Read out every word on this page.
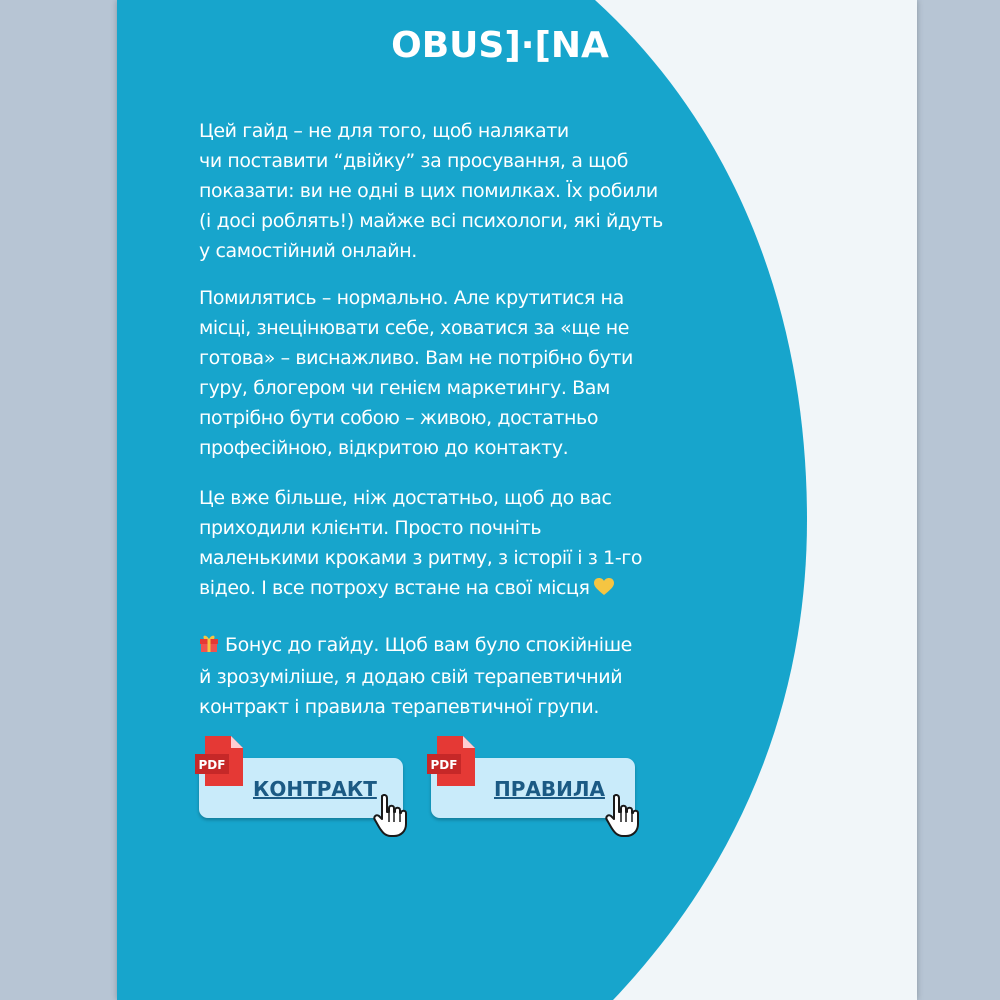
OBUS]·[NA

Цей гайд – не для того, щоб налякати
чи поставити “двійку” за просування, а щоб
показати: ви не одні в цих помилках. Їх робили
(і досі роблять!) майже всі психологи, які йдуть
у самостійний онлайн.

Помилятись – нормально. Але крутитися на
місці, знецінювати себе, ховатися за «ще не
готова» – виснажливо. Вам не потрібно бути
гуру, блогером чи генієм маркетингу. Вам
потрібно бути собою – живою, достатньо
професійною, відкритою до контакту.

Це вже більше, ніж достатньо, щоб до вас
приходили клієнти. Просто почніть
маленькими кроками з ритму, з історії і з 1-го
відео. І все потроху встане на свої місця

Бонус до гайду. Щоб вам було спокійніше
й зрозуміліше, я додаю свій терапевтичний
контракт і правила терапевтичної групи.

PDF
КОНТРАКТ
PDF
ПРАВИЛА
